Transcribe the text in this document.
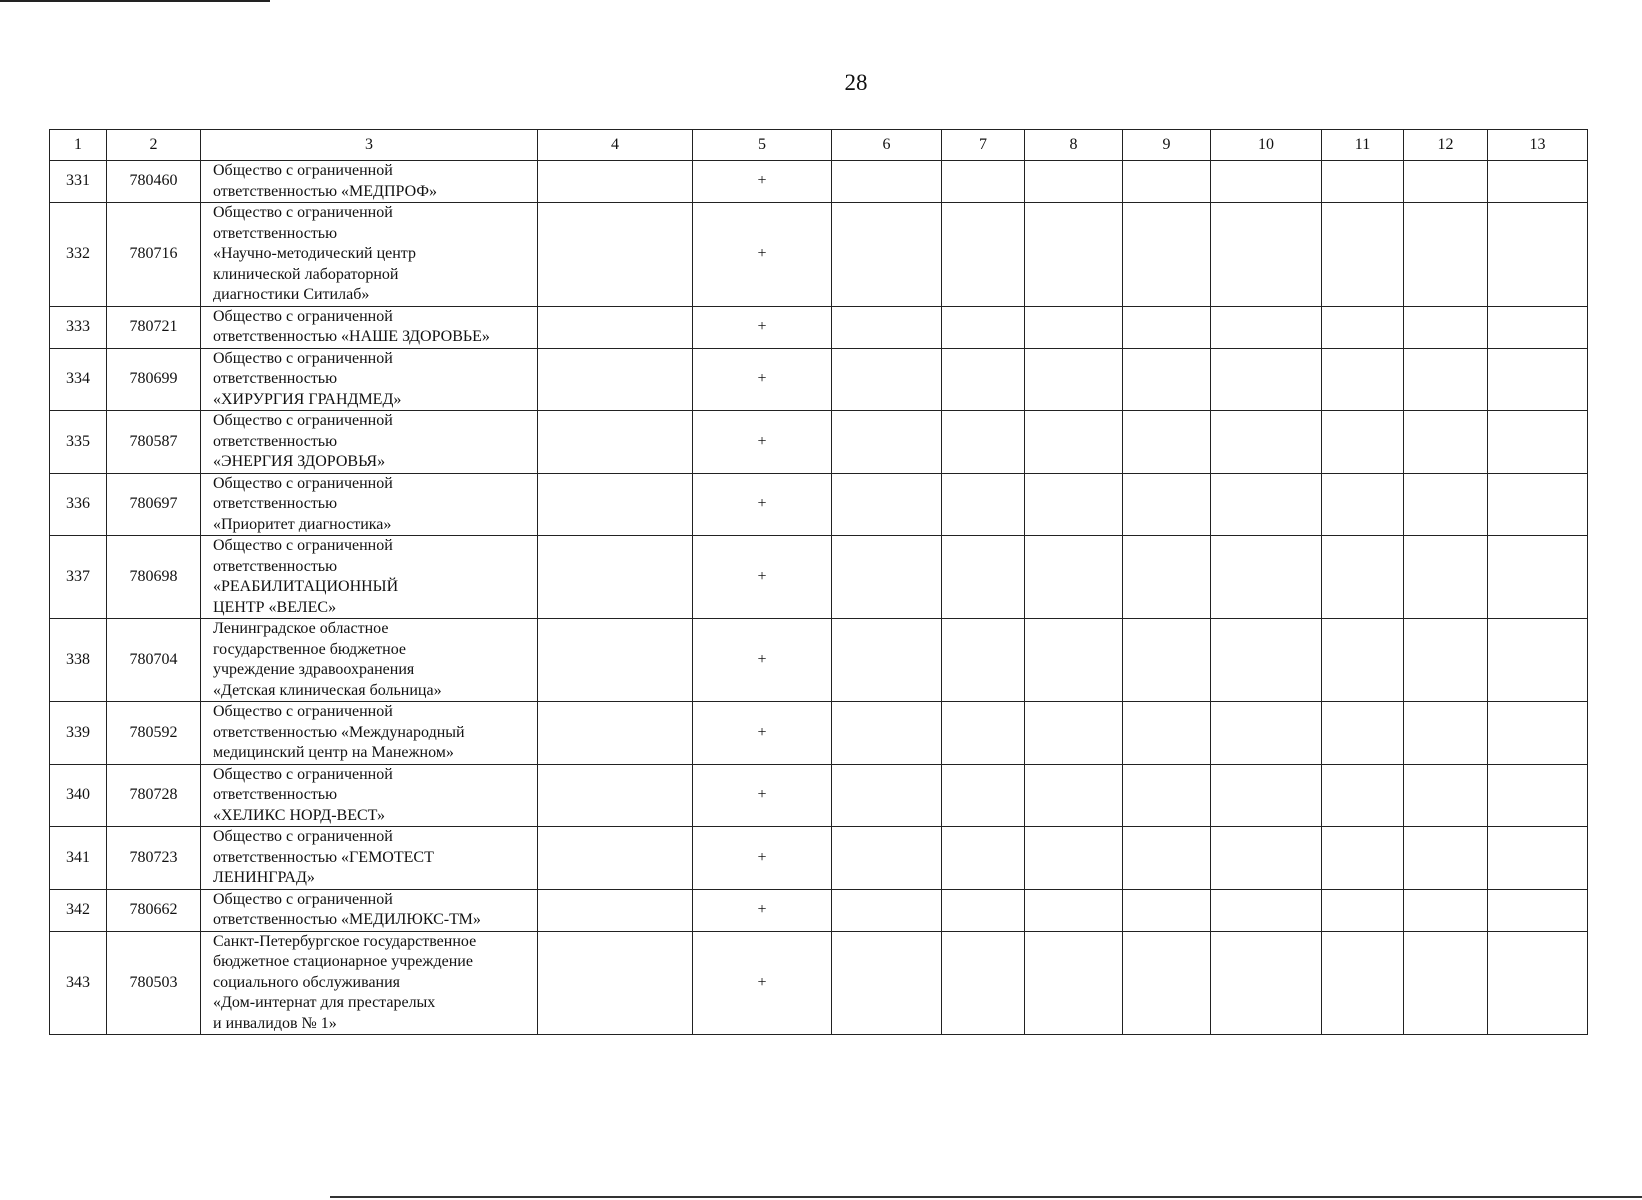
28
1	2	3	4	5	6	7	8	9	10	11	12	13
331	780460	Общество с ограниченной
ответственностью «МЕДПРОФ»		+								
332	780716	Общество с ограниченной
ответственностью
«Научно-методический центр
клинической лабораторной
диагностики Ситилаб»		+								
333	780721	Общество с ограниченной
ответственностью «НАШЕ ЗДОРОВЬЕ»		+								
334	780699	Общество с ограниченной
ответственностью
«ХИРУРГИЯ ГРАНДМЕД»		+								
335	780587	Общество с ограниченной
ответственностью
«ЭНЕРГИЯ ЗДОРОВЬЯ»		+								
336	780697	Общество с ограниченной
ответственностью
«Приоритет диагностика»		+								
337	780698	Общество с ограниченной
ответственностью
«РЕАБИЛИТАЦИОННЫЙ
ЦЕНТР «ВЕЛЕС»		+								
338	780704	Ленинградское областное
государственное бюджетное
учреждение здравоохранения
«Детская клиническая больница»		+								
339	780592	Общество с ограниченной
ответственностью «Международный
медицинский центр на Манежном»		+								
340	780728	Общество с ограниченной
ответственностью
«ХЕЛИКС НОРД-ВЕСТ»		+								
341	780723	Общество с ограниченной
ответственностью «ГЕМОТЕСТ
ЛЕНИНГРАД»		+								
342	780662	Общество с ограниченной
ответственностью «МЕДИЛЮКС-ТМ»		+								
343	780503	Санкт-Петербургское государственное
бюджетное стационарное учреждение
социального обслуживания
«Дом-интернат для престарелых
и инвалидов № 1»		+								
